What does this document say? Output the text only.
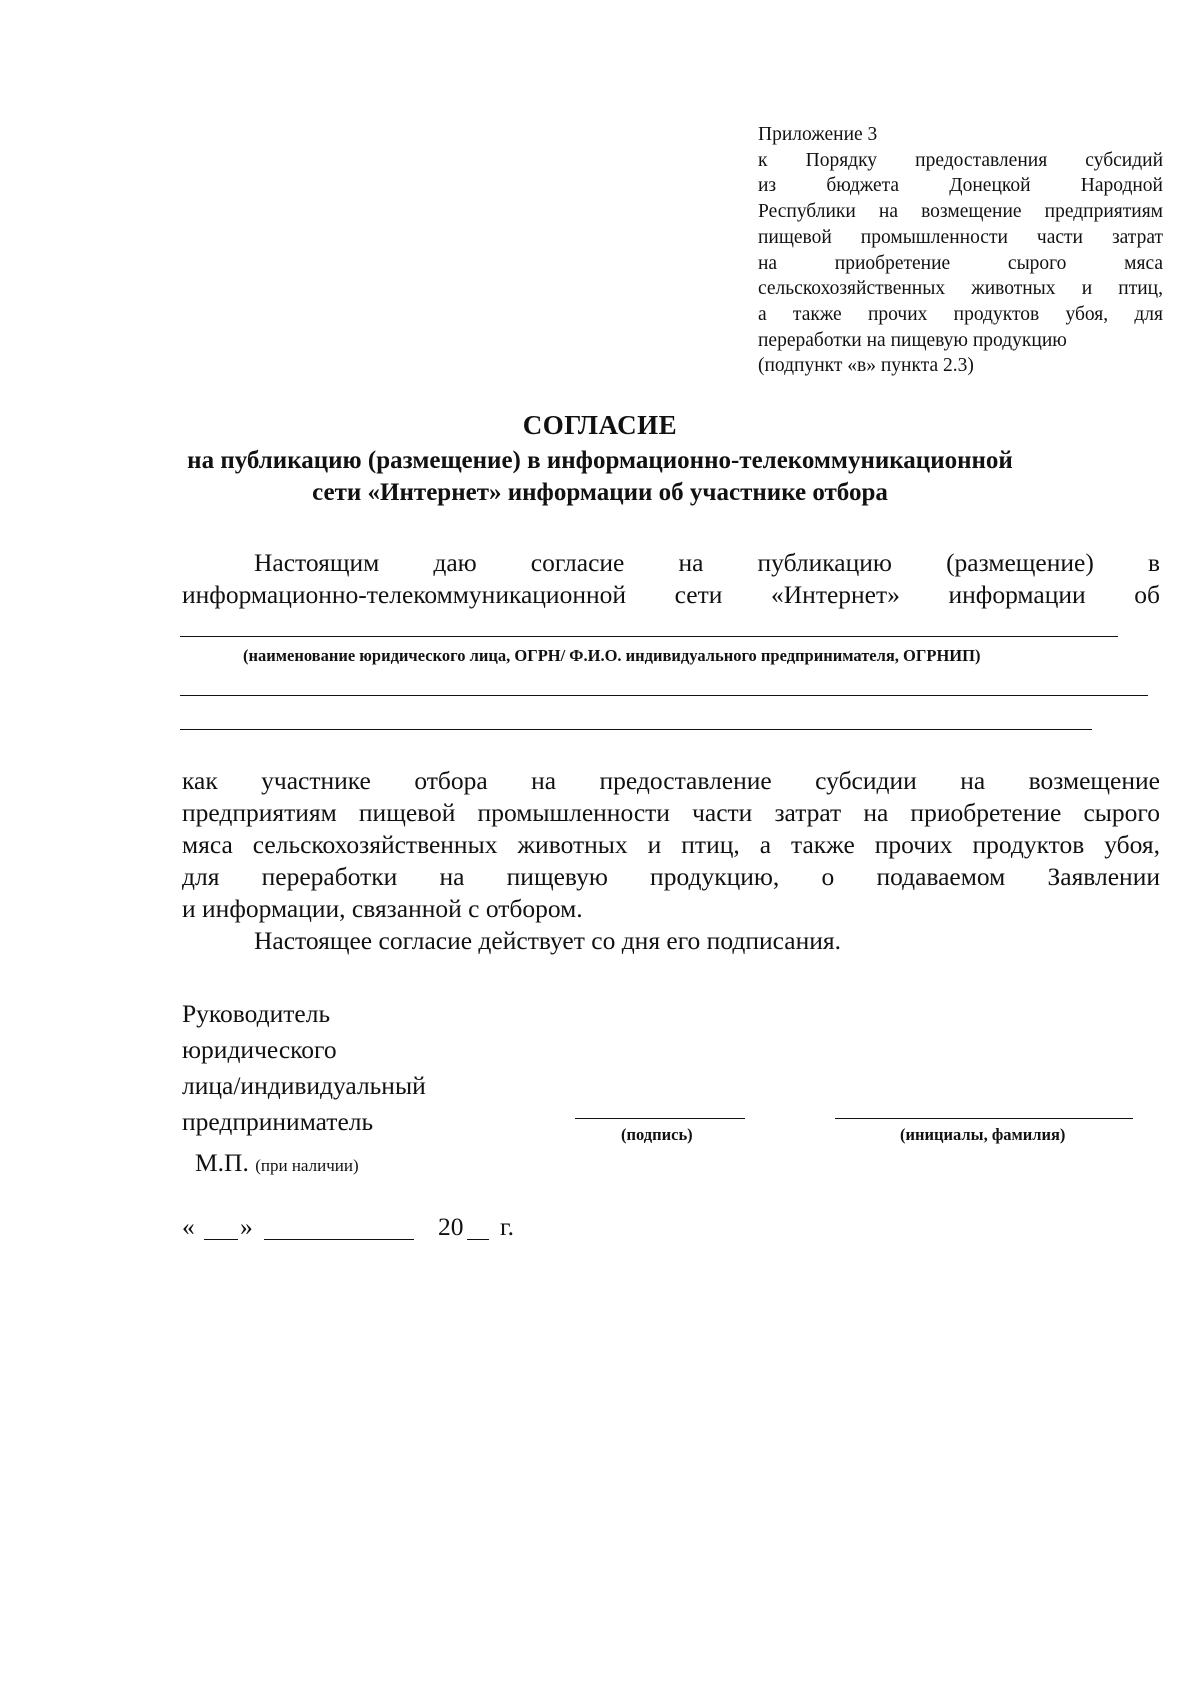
Приложение 3
к Порядку предоставления субсидий
из бюджета Донецкой Народной
Республики на возмещение предприятиям
пищевой промышленности части затрат
на приобретение сырого мяса
сельскохозяйственных животных и птиц,
а также прочих продуктов убоя, для
переработки на пищевую продукцию
(подпункт «в» пункта 2.3)
СОГЛАСИЕ
на публикацию (размещение) в информационно-телекоммуникационной
сети «Интернет» информации об участнике отбора
Настоящим даю согласие на публикацию (размещение) в
информационно-телекоммуникационной сети «Интернет» информации об
(наименование юридического лица, ОГРН/ Ф.И.О. индивидуального предпринимателя, ОГРНИП)
как участнике отбора на предоставление субсидии на возмещение
предприятиям пищевой промышленности части затрат на приобретение сырого
мяса сельскохозяйственных животных и птиц, а также прочих продуктов убоя,
для переработки на пищевую продукцию, о подаваемом Заявлении
и информации, связанной с отбором.
Настоящее согласие действует со дня его подписания.
Руководитель
юридического
лица/индивидуальный
предприниматель	(подпись)	(инициалы, фамилия)
М.П. (при наличии)
« »	20 г.
